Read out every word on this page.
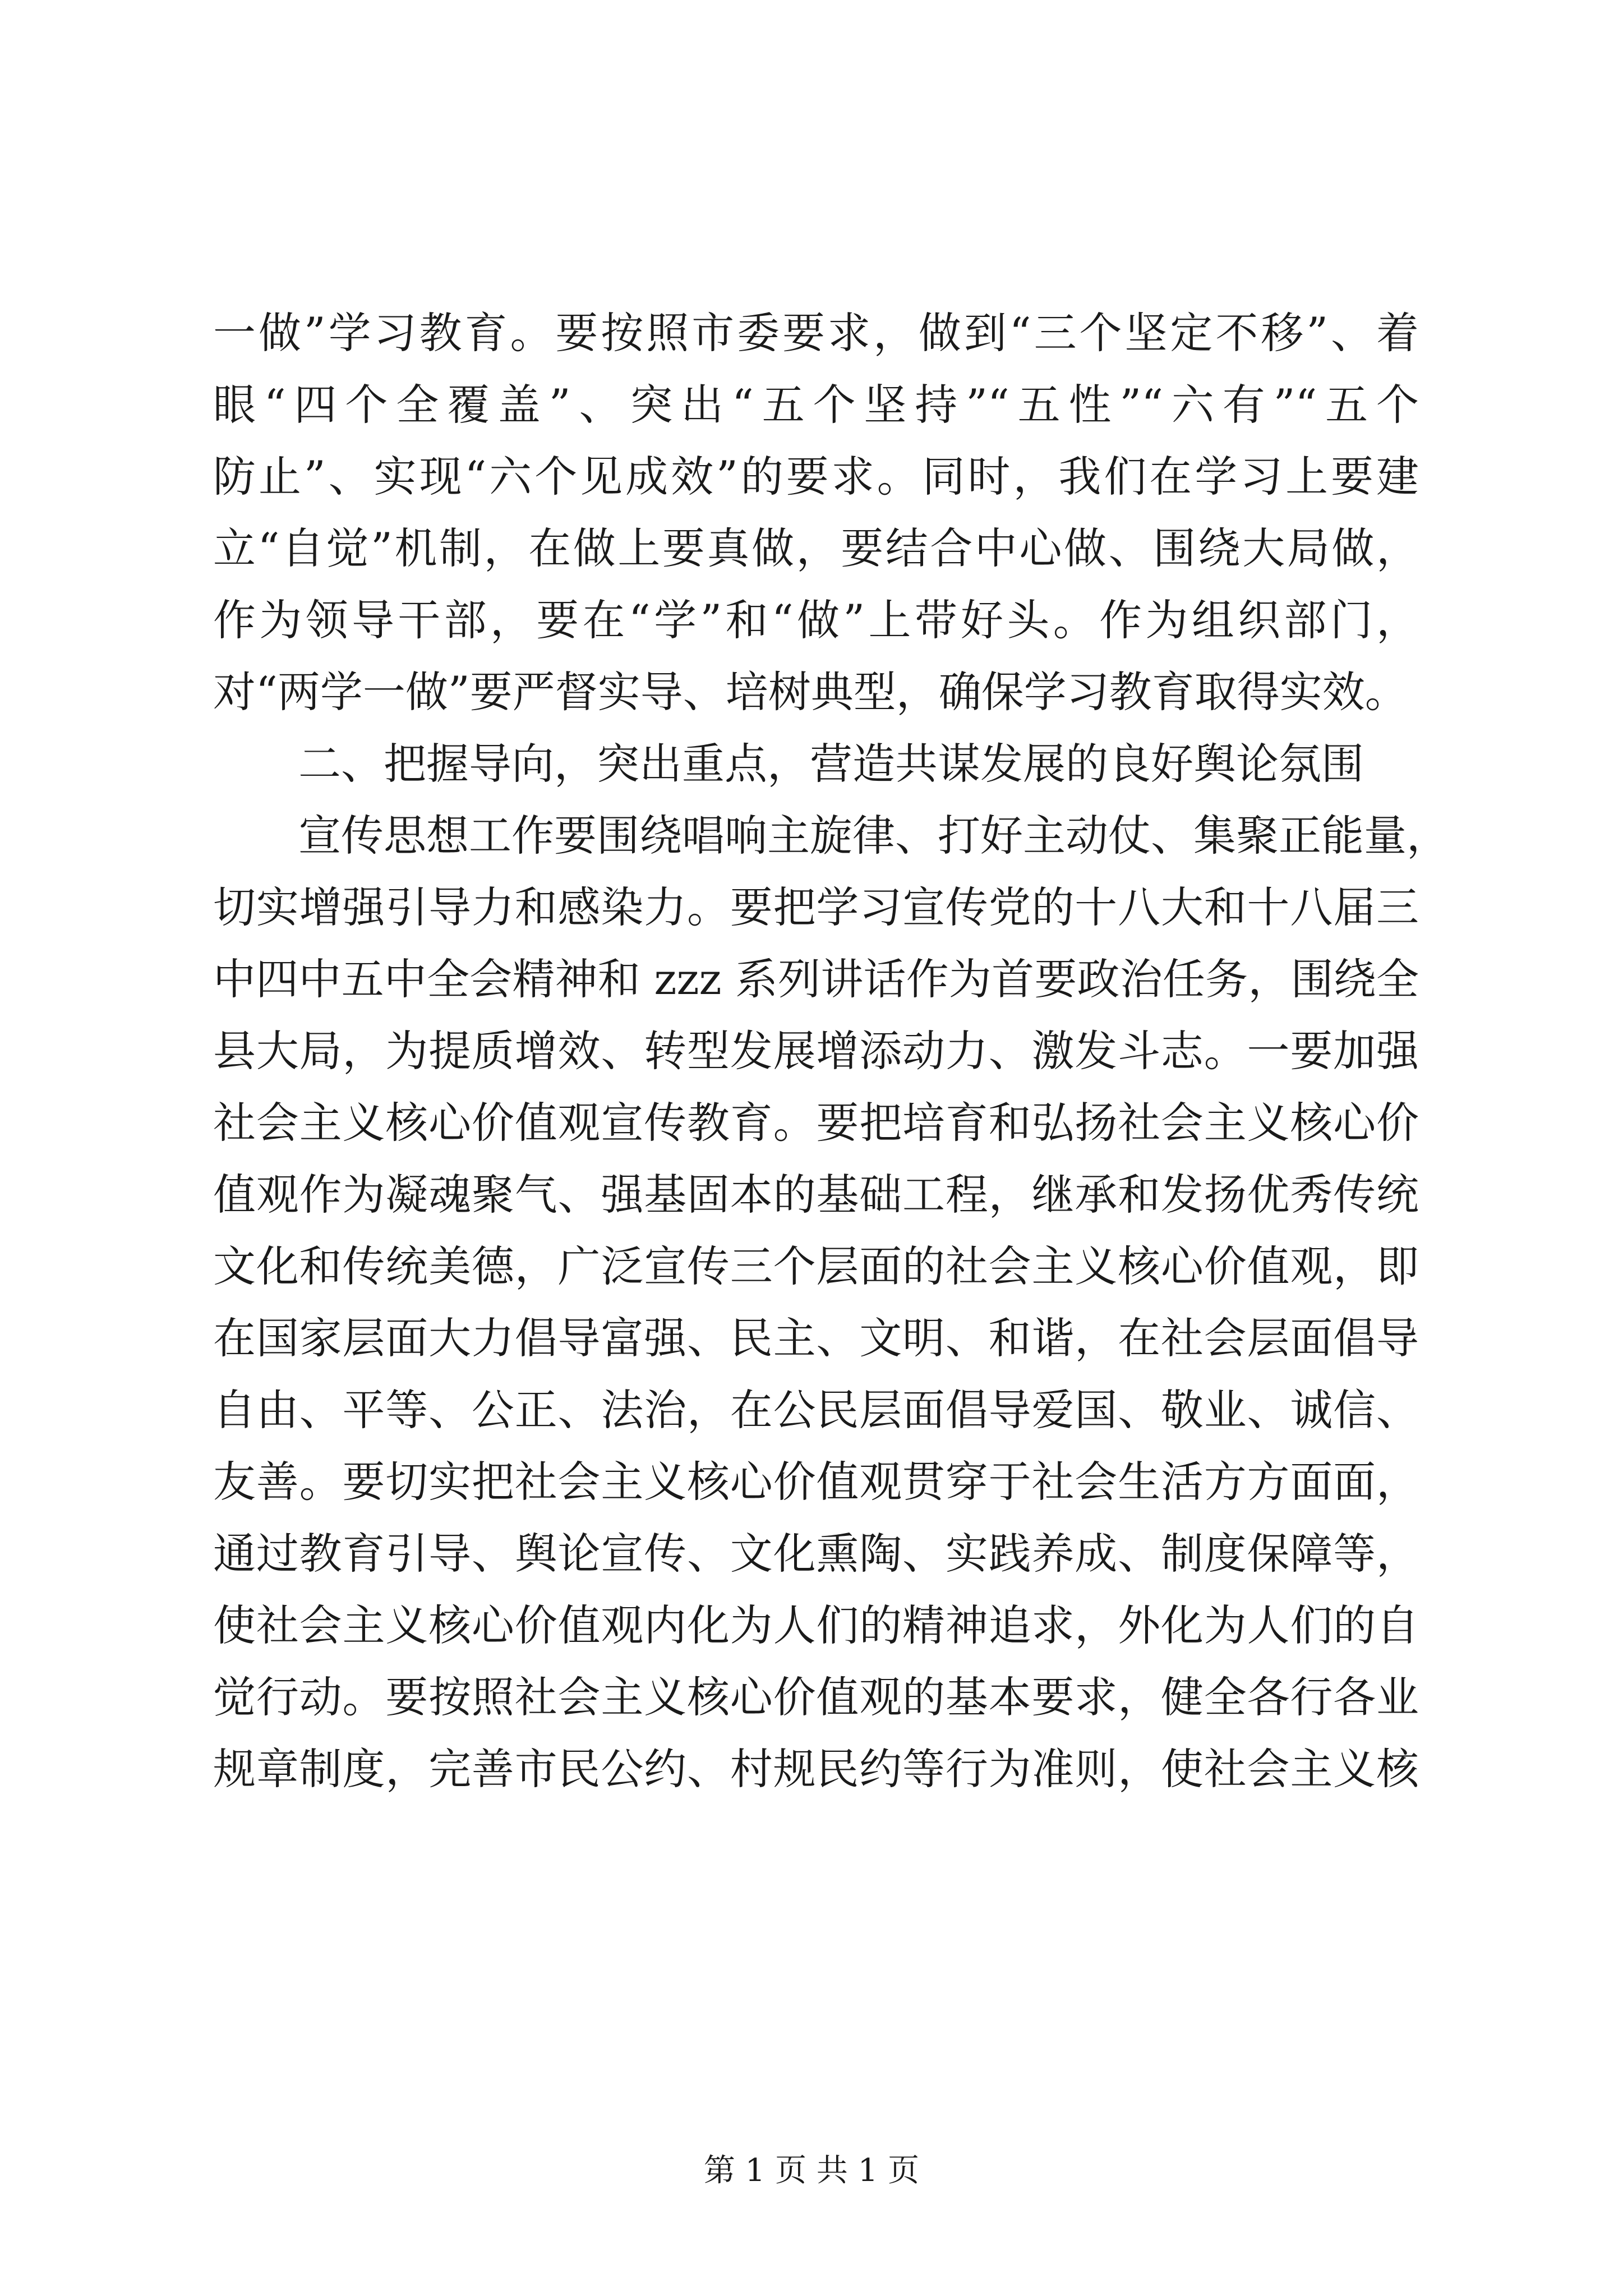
一做”学习教育。要按照市委要求，做到“三个坚定不移”、着
眼“四个全覆盖”、突出“五个坚持”“五性”“六有”“五个
防止”、实现“六个见成效”的要求。同时，我们在学习上要建
立“自觉”机制，在做上要真做，要结合中心做、围绕大局做，
作为领导干部，要在“学”和“做”上带好头。作为组织部门，
对“两学一做”要严督实导、培树典型，确保学习教育取得实效。
二、把握导向，突出重点，营造共谋发展的良好舆论氛围
宣传思想工作要围绕唱响主旋律、打好主动仗、集聚正能量，
切实增强引导力和感染力。要把学习宣传党的十八大和十八届三
中四中五中全会精神和 zzz 系列讲话作为首要政治任务，围绕全
县大局，为提质增效、转型发展增添动力、激发斗志。一要加强
社会主义核心价值观宣传教育。要把培育和弘扬社会主义核心价
值观作为凝魂聚气、强基固本的基础工程，继承和发扬优秀传统
文化和传统美德，广泛宣传三个层面的社会主义核心价值观，即
在国家层面大力倡导富强、民主、文明、和谐，在社会层面倡导
自由、平等、公正、法治，在公民层面倡导爱国、敬业、诚信、
友善。要切实把社会主义核心价值观贯穿于社会生活方方面面，
通过教育引导、舆论宣传、文化熏陶、实践养成、制度保障等，
使社会主义核心价值观内化为人们的精神追求，外化为人们的自
觉行动。要按照社会主义核心价值观的基本要求，健全各行各业
规章制度，完善市民公约、村规民约等行为准则，使社会主义核
第 1 页 共 1 页
